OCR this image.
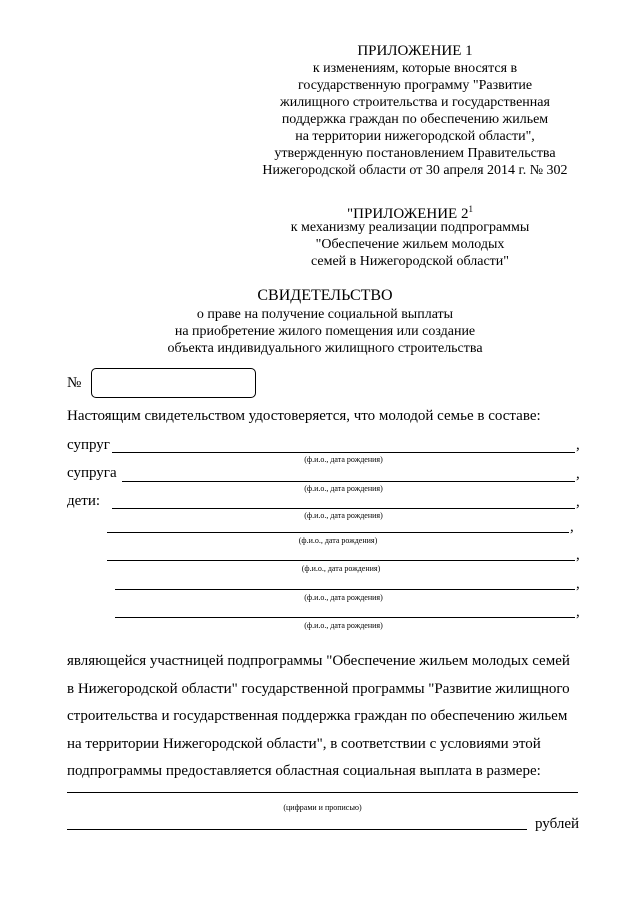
ПРИЛОЖЕНИЕ 1
к изменениям, которые вносятся в
государственную программу "Развитие
жилищного строительства и государственная
поддержка граждан по обеспечению жильем
на территории нижегородской области",
утвержденную постановлением Правительства
Нижегородской области от 30 апреля 2014 г. № 302
"ПРИЛОЖЕНИЕ $2^1$
к механизму реализации подпрограммы
"Обеспечение жильем молодых
семей в Нижегородской области"
СВИДЕТЕЛЬСТВО
о праве на получение социальной выплаты
на приобретение жилого помещения или создание
объекта индивидуального жилищного строительства
№
Настоящим свидетельством удостоверяется, что молодой семье в составе:
супруг	,
(ф.и.о., дата рождения)
супруга	,
(ф.и.о., дата рождения)
дети:	,
(ф.и.о., дата рождения)
,
(ф.и.о., дата рождения)
,
(ф.и.о., дата рождения)
,
(ф.и.о., дата рождения)
,
(ф.и.о., дата рождения)
являющейся участницей подпрограммы "Обеспечение жильем молодых семей
в Нижегородской области" государственной программы "Развитие жилищного
строительства и государственная поддержка граждан по обеспечению жильем
на территории Нижегородской области", в соответствии с условиями этой
подпрограммы предоставляется областная социальная выплата в размере:
(цифрами и прописью)
рублей
